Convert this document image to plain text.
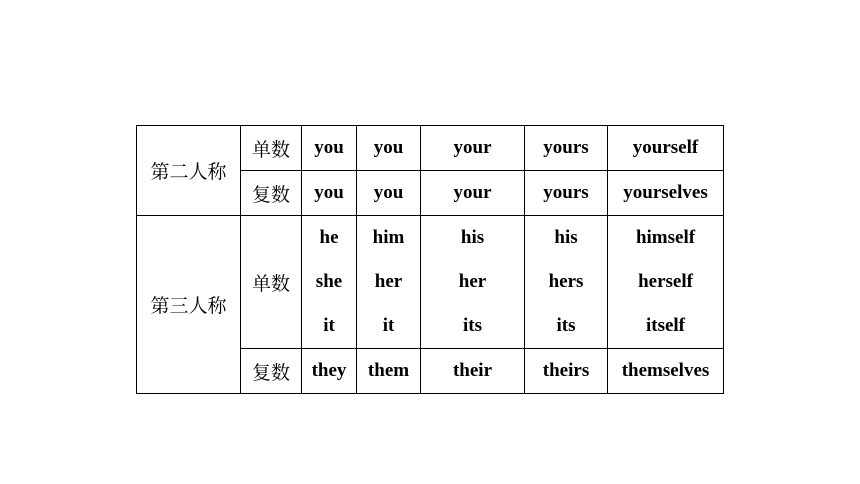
第二人称	单数	you	you	your	yours	yourself
	复数	you	you	your	yours	yourselves
第三人称	单数	he	him	his	his	himself
		she	her	her	hers	herself
		it	it	its	its	itself
	复数	they	them	their	theirs	themselves
